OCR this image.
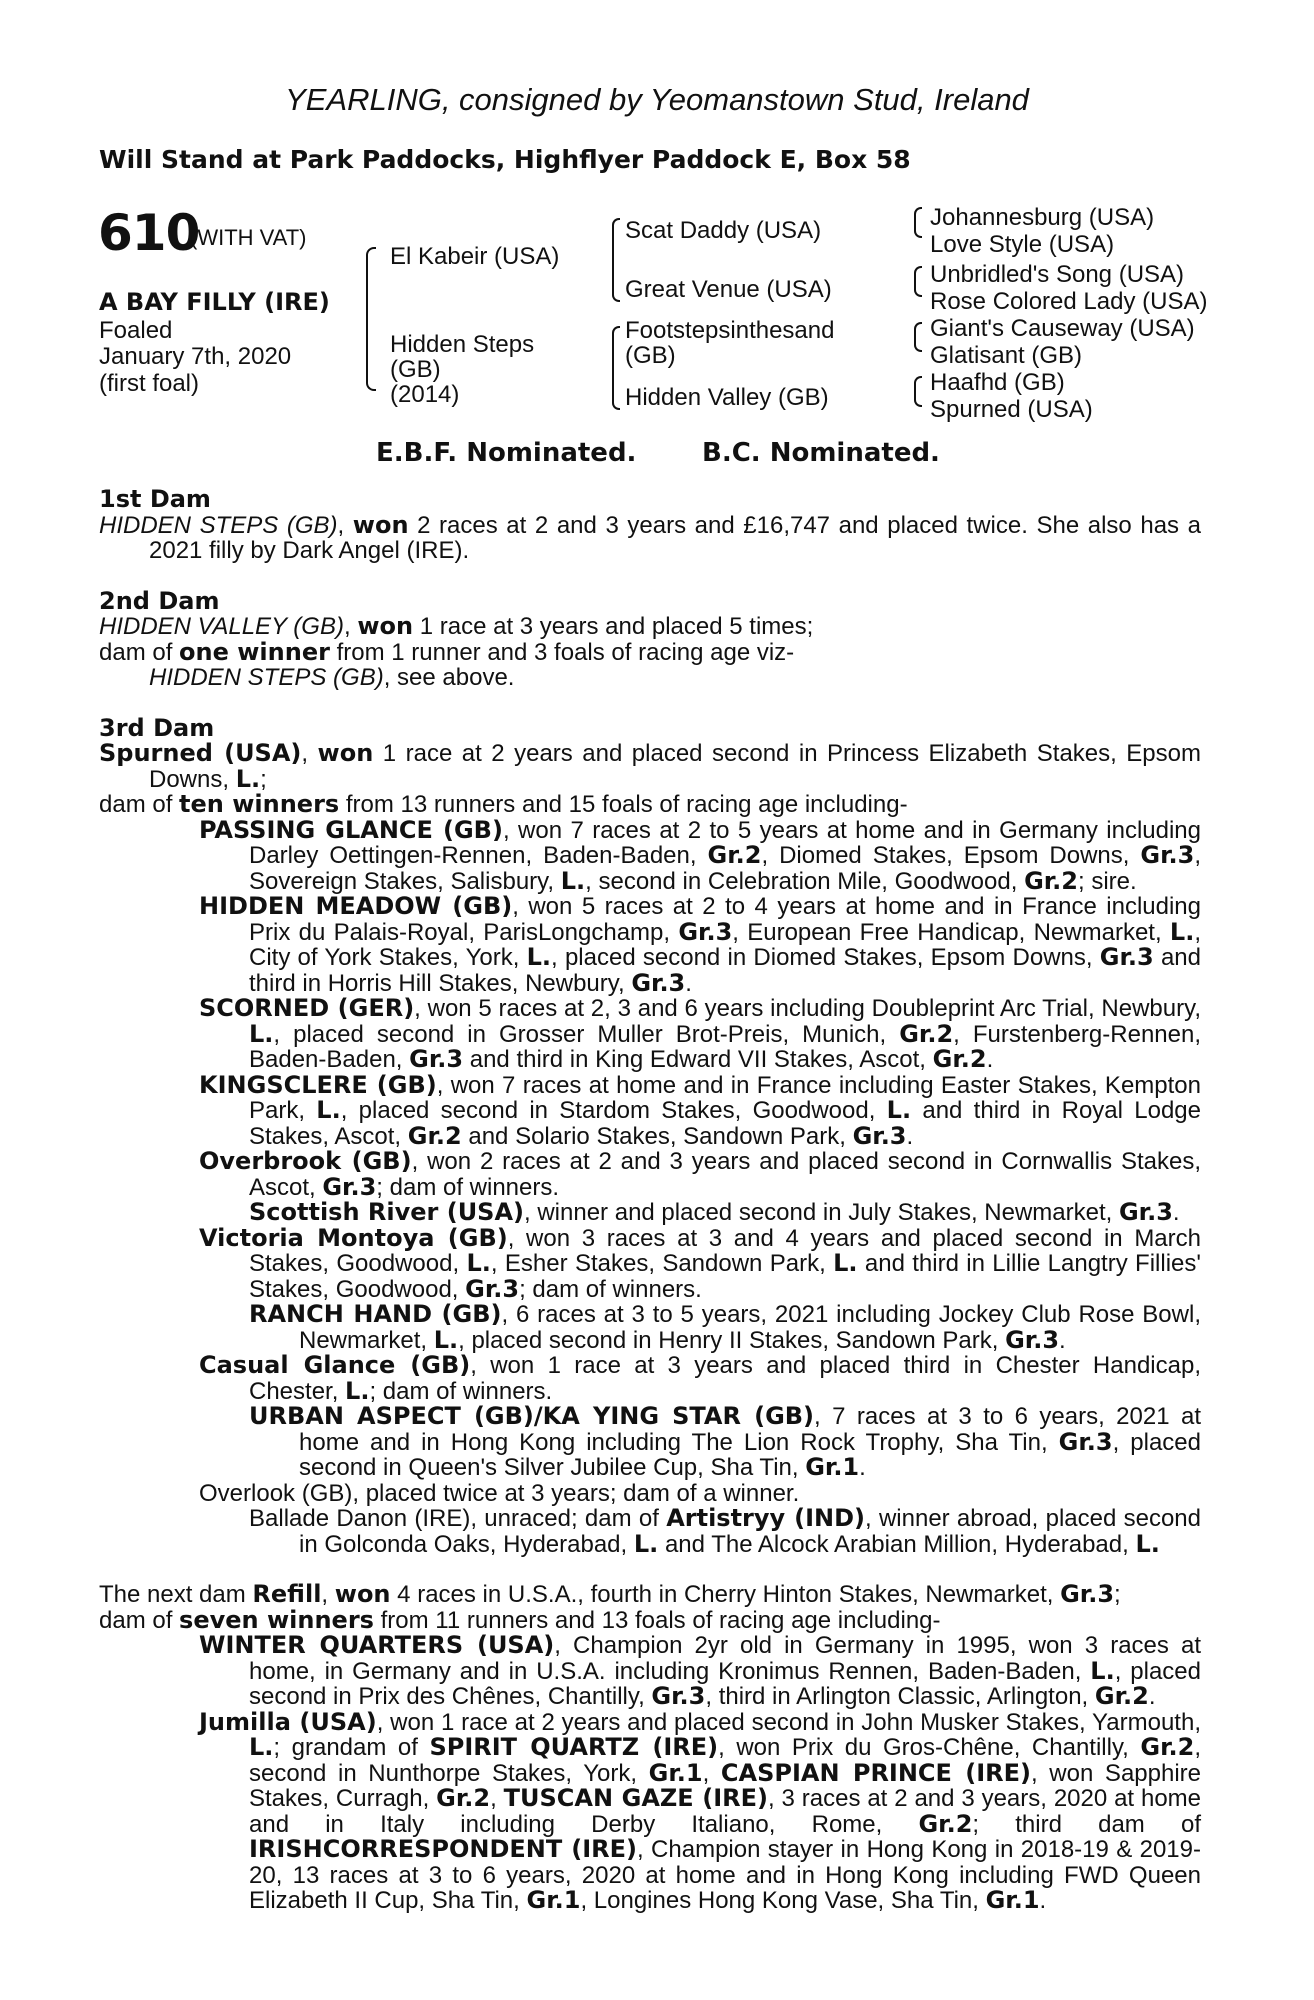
YEARLING, consigned by Yeomanstown Stud, Ireland
Will Stand at Park Paddocks, Highflyer Paddock E, Box 58
610
(WITH VAT)
A BAY FILLY (IRE)
Foaled
January 7th, 2020
(first foal)
El Kabeir (USA)
Hidden Steps
(GB)
(2014)
Scat Daddy (USA)
Great Venue (USA)
Footstepsinthesand
(GB)
Hidden Valley (GB)
Johannesburg (USA)
Love Style (USA)
Unbridled's Song (USA)
Rose Colored Lady (USA)
Giant's Causeway (USA)
Glatisant (GB)
Haafhd (GB)
Spurned (USA)
E.B.F. Nominated.	B.C. Nominated.
1st Dam

HIDDEN STEPS (GB), won 2 races at 2 and 3 years and £16,747 and placed twice. She also has a 2021 filly by Dark Angel (IRE).

2nd Dam

HIDDEN VALLEY (GB), won 1 race at 3 years and placed 5 times;

dam of one winner from 1 runner and 3 foals of racing age viz-

HIDDEN STEPS (GB), see above.

3rd Dam

Spurned (USA), won 1 race at 2 years and placed second in Princess Elizabeth Stakes, Epsom Downs, L.;

dam of ten winners from 13 runners and 15 foals of racing age including-

PASSING GLANCE (GB), won 7 races at 2 to 5 years at home and in Germany including Darley Oettingen-Rennen, Baden-Baden, Gr.2, Diomed Stakes, Epsom Downs, Gr.3, Sovereign Stakes, Salisbury, L., second in Celebration Mile, Goodwood, Gr.2; sire.

HIDDEN MEADOW (GB), won 5 races at 2 to 4 years at home and in France including Prix du Palais-Royal, ParisLongchamp, Gr.3, European Free Handicap, Newmarket, L., City of York Stakes, York, L., placed second in Diomed Stakes, Epsom Downs, Gr.3 and third in Horris Hill Stakes, Newbury, Gr.3.

SCORNED (GER), won 5 races at 2, 3 and 6 years including Doubleprint Arc Trial, Newbury, L., placed second in Grosser Muller Brot-Preis, Munich, Gr.2, Furstenberg-Rennen, Baden-Baden, Gr.3 and third in King Edward VII Stakes, Ascot, Gr.2.

KINGSCLERE (GB), won 7 races at home and in France including Easter Stakes, Kempton Park, L., placed second in Stardom Stakes, Goodwood, L. and third in Royal Lodge Stakes, Ascot, Gr.2 and Solario Stakes, Sandown Park, Gr.3.

Overbrook (GB), won 2 races at 2 and 3 years and placed second in Cornwallis Stakes, Ascot, Gr.3; dam of winners.

Scottish River (USA), winner and placed second in July Stakes, Newmarket, Gr.3.

Victoria Montoya (GB), won 3 races at 3 and 4 years and placed second in March Stakes, Goodwood, L., Esher Stakes, Sandown Park, L. and third in Lillie Langtry Fillies' Stakes, Goodwood, Gr.3; dam of winners.

RANCH HAND (GB), 6 races at 3 to 5 years, 2021 including Jockey Club Rose Bowl, Newmarket, L., placed second in Henry II Stakes, Sandown Park, Gr.3.

Casual Glance (GB), won 1 race at 3 years and placed third in Chester Handicap, Chester, L.; dam of winners.

URBAN ASPECT (GB)/KA YING STAR (GB), 7 races at 3 to 6 years, 2021 at home and in Hong Kong including The Lion Rock Trophy, Sha Tin, Gr.3, placed second in Queen's Silver Jubilee Cup, Sha Tin, Gr.1.

Overlook (GB), placed twice at 3 years; dam of a winner.

Ballade Danon (IRE), unraced; dam of Artistryy (IND), winner abroad, placed second in Golconda Oaks, Hyderabad, L. and The Alcock Arabian Million, Hyderabad, L.

The next dam Refill, won 4 races in U.S.A., fourth in Cherry Hinton Stakes, Newmarket, Gr.3;

dam of seven winners from 11 runners and 13 foals of racing age including-

WINTER QUARTERS (USA), Champion 2yr old in Germany in 1995, won 3 races at home, in Germany and in U.S.A. including Kronimus Rennen, Baden-Baden, L., placed second in Prix des Chênes, Chantilly, Gr.3, third in Arlington Classic, Arlington, Gr.2.

Jumilla (USA), won 1 race at 2 years and placed second in John Musker Stakes, Yarmouth, L.; grandam of SPIRIT QUARTZ (IRE), won Prix du Gros-Chêne, Chantilly, Gr.2, second in Nunthorpe Stakes, York, Gr.1, CASPIAN PRINCE (IRE), won Sapphire Stakes, Curragh, Gr.2, TUSCAN GAZE (IRE), 3 races at 2 and 3 years, 2020 at home and in Italy including Derby Italiano, Rome, Gr.2; third dam of IRISHCORRESPONDENT (IRE), Champion stayer in Hong Kong in 2018-19 & 2019-20, 13 races at 3 to 6 years, 2020 at home and in Hong Kong including FWD Queen Elizabeth II Cup, Sha Tin, Gr.1, Longines Hong Kong Vase, Sha Tin, Gr.1.
